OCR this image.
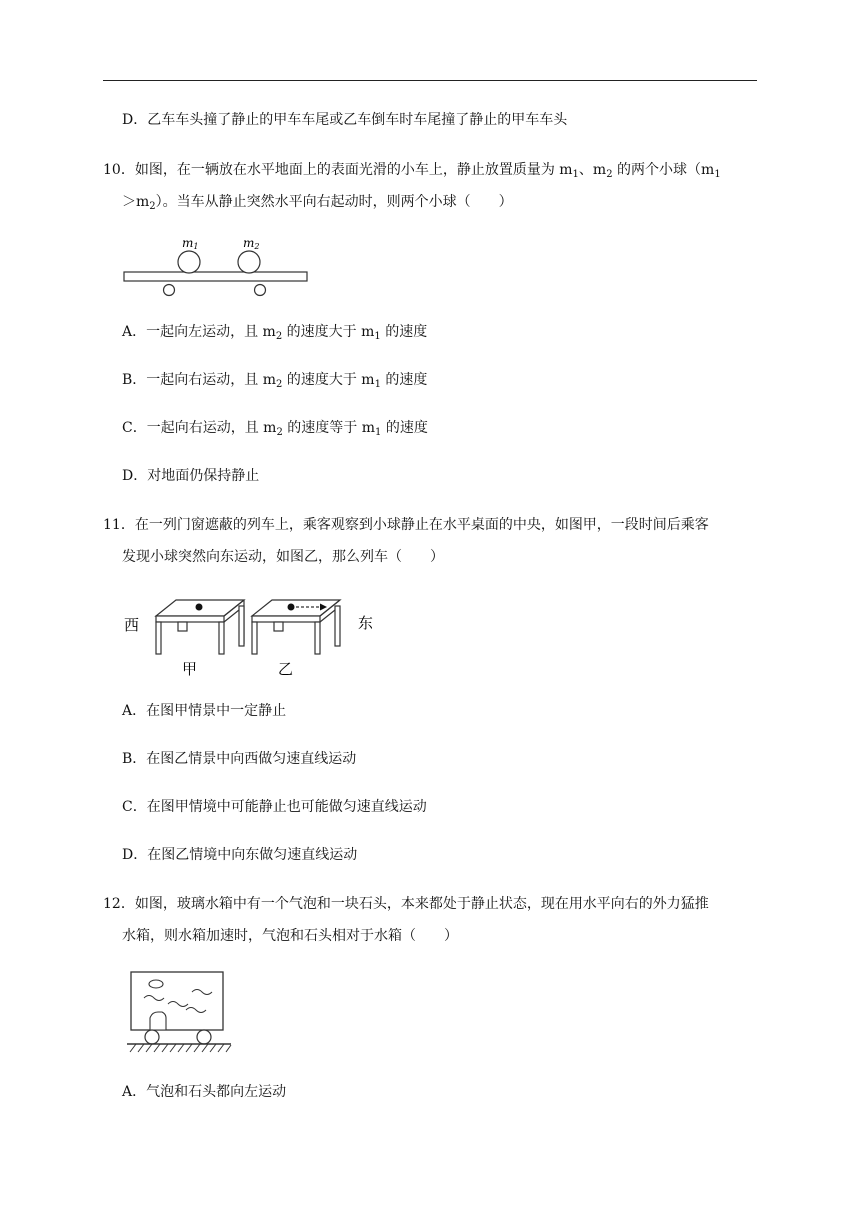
D．乙车车头撞了静止的甲车车尾或乙车倒车时车尾撞了静止的甲车车头
10．如图，在一辆放在水平地面上的表面光滑的小车上，静止放置质量为 $m_1$、$m_2$ 的两个小球（$m_1$
$>m_2$）。当车从静止突然水平向右起动时，则两个小球（　　）
m1	m2
A．一起向左运动，且 $m_2$ 的速度大于 $m_1$ 的速度
B．一起向右运动，且 $m_2$ 的速度大于 $m_1$ 的速度
C．一起向右运动，且 $m_2$ 的速度等于 $m_1$ 的速度
D．对地面仍保持静止
11．在一列门窗遮蔽的列车上，乘客观察到小球静止在水平桌面的中央，如图甲，一段时间后乘客
发现小球突然向东运动，如图乙，那么列车（　　）
西	东
甲	乙
A．在图甲情景中一定静止
B．在图乙情景中向西做匀速直线运动
C．在图甲情境中可能静止也可能做匀速直线运动
D．在图乙情境中向东做匀速直线运动
12．如图，玻璃水箱中有一个气泡和一块石头，本来都处于静止状态，现在用水平向右的外力猛推
水箱，则水箱加速时，气泡和石头相对于水箱（　　）
A．气泡和石头都向左运动
